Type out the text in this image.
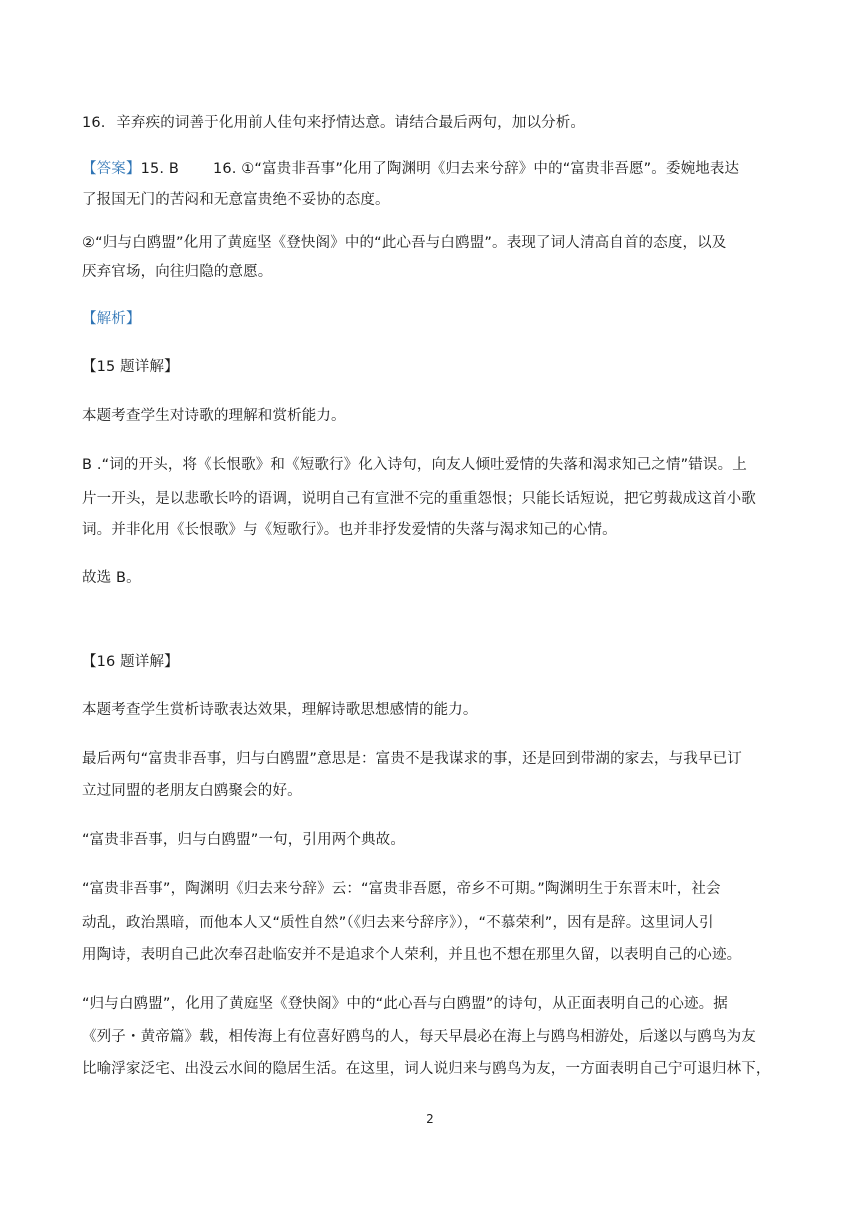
16. 辛弃疾的词善于化用前人佳句来抒情达意。请结合最后两句，加以分析。
【答案】15. B 16. ①“富贵非吾事”化用了陶渊明《归去来兮辞》中的“富贵非吾愿”。委婉地表达
了报国无门的苦闷和无意富贵绝不妥协的态度。
②“归与白鸥盟”化用了黄庭坚《登快阁》中的“此心吾与白鸥盟”。表现了词人清高自首的态度，以及
厌弃官场，向往归隐的意愿。
【解析】
【15 题详解】
本题考查学生对诗歌的理解和赏析能力。
B .“词的开头，将《长恨歌》和《短歌行》化入诗句，向友人倾吐爱情的失落和渴求知己之情”错误。上
片一开头，是以悲歌长吟的语调，说明自己有宣泄不完的重重怨恨；只能长话短说，把它剪裁成这首小歌
词。并非化用《长恨歌》与《短歌行》。也并非抒发爱情的失落与渴求知己的心情。
故选 B。
【16 题详解】
本题考查学生赏析诗歌表达效果，理解诗歌思想感情的能力。
最后两句“富贵非吾事，归与白鸥盟”意思是：富贵不是我谋求的事，还是回到带湖的家去，与我早已订
立过同盟的老朋友白鸥聚会的好。
“富贵非吾事，归与白鸥盟”一句，引用两个典故。
“富贵非吾事”，陶渊明《归去来兮辞》云：“富贵非吾愿，帝乡不可期。”陶渊明生于东晋末叶，社会
动乱，政治黑暗，而他本人又“质性自然”（《归去来兮辞序》），“不慕荣利”，因有是辞。这里词人引
用陶诗，表明自己此次奉召赴临安并不是追求个人荣利，并且也不想在那里久留，以表明自己的心迹。
“归与白鸥盟”，化用了黄庭坚《登快阁》中的“此心吾与白鸥盟”的诗句，从正面表明自己的心迹。据
《列子・黄帝篇》载，相传海上有位喜好鸥鸟的人，每天早晨必在海上与鸥鸟相游处，后遂以与鸥鸟为友
比喻浮家泛宅、出没云水间的隐居生活。在这里，词人说归来与鸥鸟为友，一方面表明自己宁可退归林下，
2
